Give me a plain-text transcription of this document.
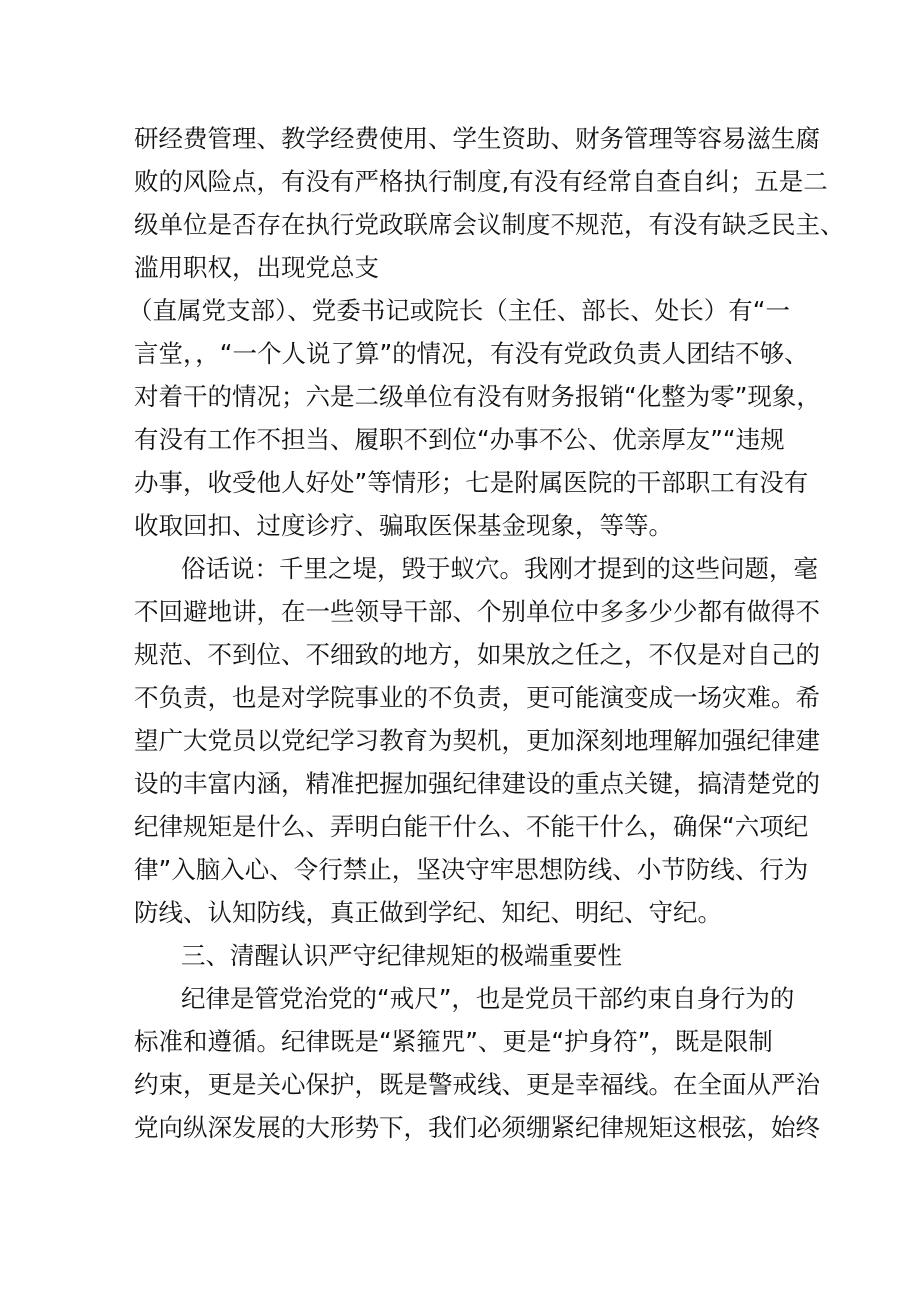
研经费管理、教学经费使用、学生资助、财务管理等容易滋生腐
败的风险点，有没有严格执行制度,有没有经常自查自纠；五是二
级单位是否存在执行党政联席会议制度不规范，有没有缺乏民主、
滥用职权，出现党总支
（直属党支部）、党委书记或院长（主任、部长、处长）有“一
言堂，，“一个人说了算”的情况，有没有党政负责人团结不够、
对着干的情况；六是二级单位有没有财务报销“化整为零”现象，
有没有工作不担当、履职不到位“办事不公、优亲厚友”“违规
办事，收受他人好处”等情形；七是附属医院的干部职工有没有
收取回扣、过度诊疗、骗取医保基金现象，等等。
俗话说：千里之堤，毁于蚁穴。我刚才提到的这些问题，毫
不回避地讲，在一些领导干部、个别单位中多多少少都有做得不
规范、不到位、不细致的地方，如果放之任之，不仅是对自己的
不负责，也是对学院事业的不负责，更可能演变成一场灾难。希
望广大党员以党纪学习教育为契机，更加深刻地理解加强纪律建
设的丰富内涵，精准把握加强纪律建设的重点关键，搞清楚党的
纪律规矩是什么、弄明白能干什么、不能干什么，确保“六项纪
律”入脑入心、令行禁止，坚决守牢思想防线、小节防线、行为
防线、认知防线，真正做到学纪、知纪、明纪、守纪。
三、清醒认识严守纪律规矩的极端重要性
纪律是管党治党的“戒尺”，也是党员干部约束自身行为的
标准和遵循。纪律既是“紧箍咒”、更是“护身符”，既是限制
约束，更是关心保护，既是警戒线、更是幸福线。在全面从严治
党向纵深发展的大形势下，我们必须绷紧纪律规矩这根弦，始终
